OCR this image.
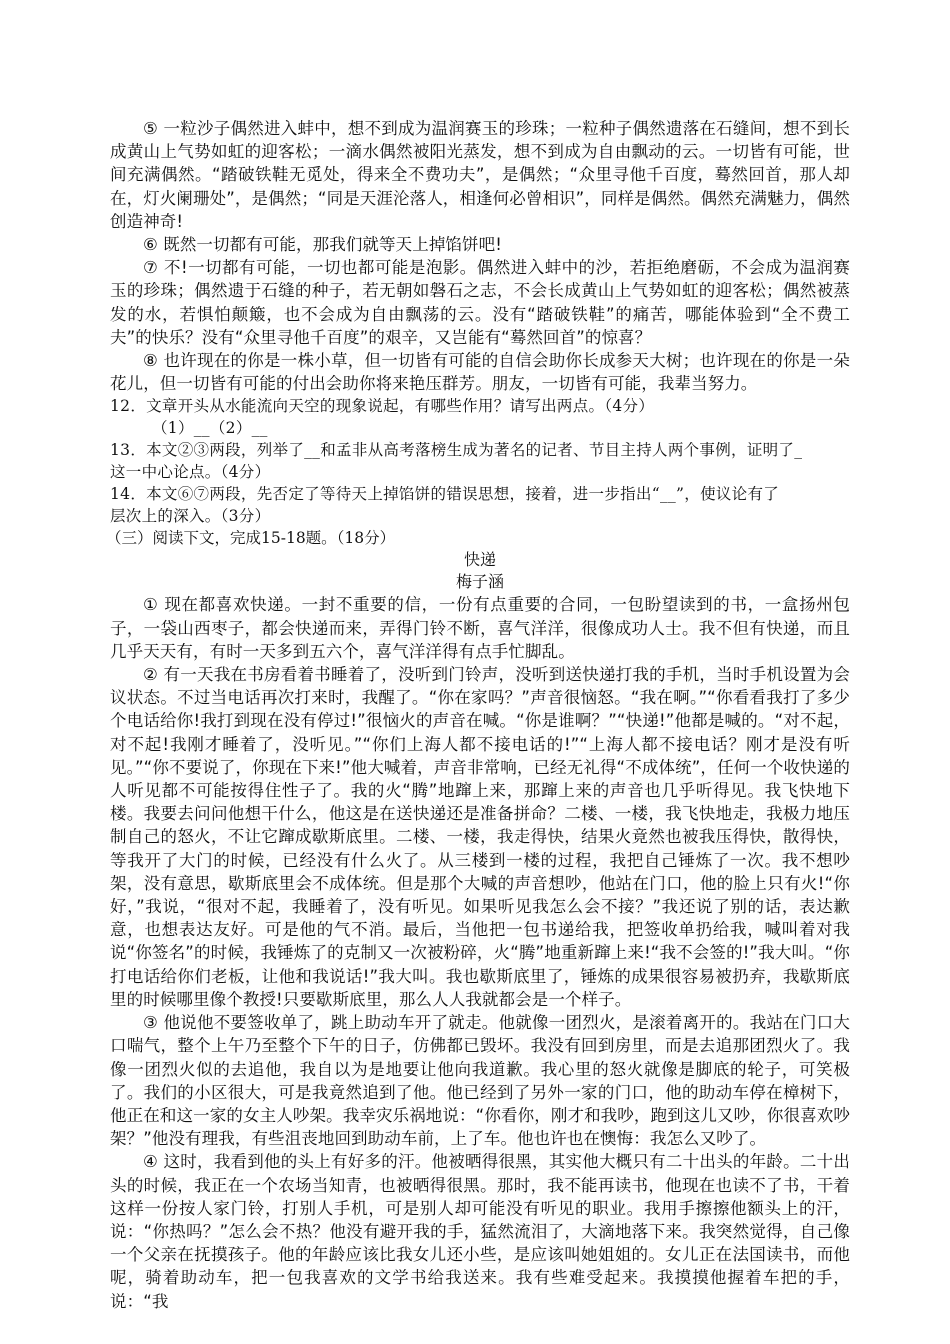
⑤ 一粒沙子偶然进入蚌中，想不到成为温润赛玉的珍珠；一粒种子偶然遗落在石缝间，想不到长成黄山上气势如虹的迎客松；一滴水偶然被阳光蒸发，想不到成为自由飘动的云。一切皆有可能，世间充满偶然。“踏破铁鞋无觅处，得来全不费功夫”，是偶然；“众里寻他千百度，蓦然回首，那人却在，灯火阑珊处”，是偶然；“同是天涯沦落人，相逢何必曾相识”，同样是偶然。偶然充满魅力，偶然创造神奇!

⑥ 既然一切都有可能，那我们就等天上掉馅饼吧!

⑦ 不!一切都有可能，一切也都可能是泡影。偶然进入蚌中的沙，若拒绝磨砺，不会成为温润赛玉的珍珠；偶然遗于石缝的种子，若无朝如磐石之志，不会长成黄山上气势如虹的迎客松；偶然被蒸发的水，若惧怕颠簸，也不会成为自由飘荡的云。没有“踏破铁鞋”的痛苦，哪能体验到“全不费工夫”的快乐？没有“众里寻他千百度”的艰辛，又岂能有“蓦然回首”的惊喜？

⑧ 也许现在的你是一株小草，但一切皆有可能的自信会助你长成参天大树；也许现在的你是一朵花儿，但一切皆有可能的付出会助你将来艳压群芳。朋友，一切皆有可能，我辈当努力。

12．文章开头从水能流向天空的现象说起，有哪些作用？请写出两点。（4分）

（1）__（2）__

13．本文②③两段，列举了__和孟非从高考落榜生成为著名的记者、节目主持人两个事例，证明了_

这一中心论点。（4分）

14．本文⑥⑦两段，先否定了等待天上掉馅饼的错误思想，接着，进一步指出“__”，使议论有了

层次上的深入。（3分）

（三）阅读下文，完成15-18题。（18分）

快递

梅子涵

① 现在都喜欢快递。一封不重要的信，一份有点重要的合同，一包盼望读到的书，一盒扬州包子，一袋山西枣子，都会快递而来，弄得门铃不断，喜气洋洋，很像成功人士。我不但有快递，而且几乎天天有，有时一天多到五六个，喜气洋洋得有点手忙脚乱。

② 有一天我在书房看着书睡着了，没听到门铃声，没听到送快递打我的手机，当时手机设置为会议状态。不过当电话再次打来时，我醒了。“你在家吗？”声音很恼怒。“我在啊。”“你看看我打了多少个电话给你!我打到现在没有停过!”很恼火的声音在喊。“你是谁啊？”“快递!”他都是喊的。“对不起，对不起!我刚才睡着了，没听见。”“你们上海人都不接电话的!”“上海人都不接电话？刚才是没有听见。”“你不要说了，你现在下来!”他大喊着，声音非常响，已经无礼得“不成体统”，任何一个收快递的人听见都不可能按得住性子了。我的火“腾”地蹿上来，那蹿上来的声音也几乎听得见。我飞快地下楼。我要去问问他想干什么，他这是在送快递还是准备拼命？二楼、一楼，我飞快地走，我极力地压制自己的怒火，不让它蹿成歇斯底里。二楼、一楼，我走得快，结果火竟然也被我压得快，散得快，等我开了大门的时候，已经没有什么火了。从三楼到一楼的过程，我把自己锤炼了一次。我不想吵架，没有意思，歇斯底里会不成体统。但是那个大喊的声音想吵，他站在门口，他的脸上只有火!“你好，”我说，“很对不起，我睡着了，没有听见。如果听见我怎么会不接？”我还说了别的话，表达歉意，也想表达友好。可是他的气不消。最后，当他把一包书递给我，把签收单扔给我，喊叫着对我说“你签名”的时候，我锤炼了的克制又一次被粉碎，火“腾”地重新蹿上来!“我不会签的!”我大叫。“你打电话给你们老板，让他和我说话!”我大叫。我也歇斯底里了，锤炼的成果很容易被扔弃，我歇斯底里的时候哪里像个教授!只要歇斯底里，那么人人我就都会是一个样子。

③ 他说他不要签收单了，跳上助动车开了就走。他就像一团烈火，是滚着离开的。我站在门口大口喘气，整个上午乃至整个下午的日子，仿佛都已毁坏。我没有回到房里，而是去追那团烈火了。我像一团烈火似的去追他，我自以为是地要让他向我道歉。我心里的怒火就像是脚底的轮子，可笑极了。我们的小区很大，可是我竟然追到了他。他已经到了另外一家的门口，他的助动车停在樟树下，他正在和这一家的女主人吵架。我幸灾乐祸地说：“你看你，刚才和我吵，跑到这儿又吵，你很喜欢吵架？”他没有理我，有些沮丧地回到助动车前，上了车。他也许也在懊悔：我怎么又吵了。

④ 这时，我看到他的头上有好多的汗。他被晒得很黑，其实他大概只有二十出头的年龄。二十出头的时候，我正在一个农场当知青，也被晒得很黑。那时，我不能再读书，他现在也读不了书，干着这样一份按人家门铃，打别人手机，可是别人却可能没有听见的职业。我用手擦擦他额头上的汗，说：“你热吗？”怎么会不热？他没有避开我的手，猛然流泪了，大滴地落下来。我突然觉得，自己像一个父亲在抚摸孩子。他的年龄应该比我女儿还小些，是应该叫她姐姐的。女儿正在法国读书，而他呢，骑着助动车，把一包我喜欢的文学书给我送来。我有些难受起来。我摸摸他握着车把的手，说：“我
